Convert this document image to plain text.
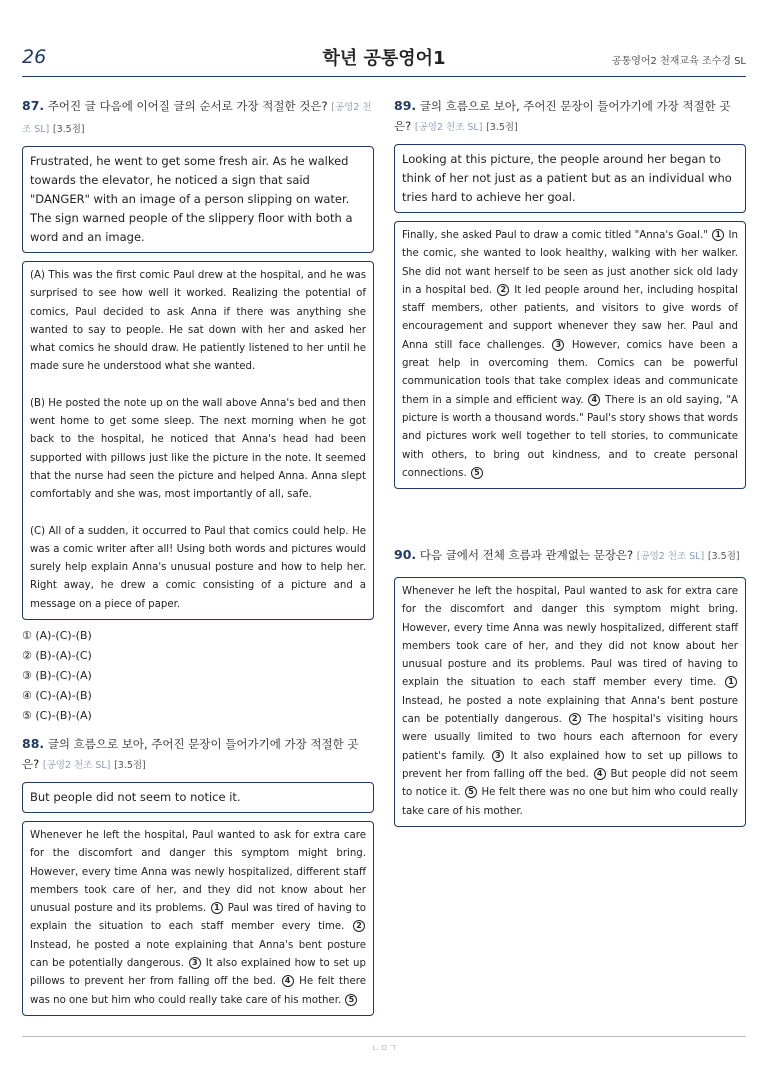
26	학년 공통영어1	공통영어2 천재교육 조수경 SL
87. 주어진 글 다음에 이어질 글의 순서로 가장 적절한 것은? [공영2 천조 SL] [3.5점]
Frustrated, he went to get some fresh air. As he walked towards the elevator, he noticed a sign that said "DANGER" with an image of a person slipping on water. The sign warned people of the slippery floor with both a word and an image.

(A) This was the first comic Paul drew at the hospital, and he was surprised to see how well it worked. Realizing the potential of comics, Paul decided to ask Anna if there was anything she wanted to say to people. He sat down with her and asked her what comics he should draw. He patiently listened to her until he made sure he understood what she wanted.

(B) He posted the note up on the wall above Anna's bed and then went home to get some sleep. The next morning when he got back to the hospital, he noticed that Anna's head had been supported with pillows just like the picture in the note. It seemed that the nurse had seen the picture and helped Anna. Anna slept comfortably and she was, most importantly of all, safe.

(C) All of a sudden, it occurred to Paul that comics could help. He was a comic writer after all! Using both words and pictures would surely help explain Anna's unusual posture and how to help her. Right away, he drew a comic consisting of a picture and a message on a piece of paper.

① (A)-(C)-(B)② (B)-(A)-(C)
③ (B)-(C)-(A)④ (C)-(A)-(B)
⑤ (C)-(B)-(A)
88. 글의 흐름으로 보아, 주어진 문장이 들어가기에 가장 적절한 곳은? [공영2 천조 SL] [3.5점]
But people did not seem to notice it.
Whenever he left the hospital, Paul wanted to ask for extra care for the discomfort and danger this symptom might bring. However, every time Anna was newly hospitalized, different staff members took care of her, and they did not know about her unusual posture and its problems. 1 Paul was tired of having to explain the situation to each staff member every time. 2 Instead, he posted a note explaining that Anna's bent posture can be potentially dangerous. 3 It also explained how to set up pillows to prevent her from falling off the bed. 4 He felt there was no one but him who could really take care of his mother. 5
89. 글의 흐름으로 보아, 주어진 문장이 들어가기에 가장 적절한 곳은? [공영2 천조 SL] [3.5점]
Looking at this picture, the people around her began to think of her not just as a patient but as an individual who tries hard to achieve her goal.
Finally, she asked Paul to draw a comic titled "Anna's Goal." 1 In the comic, she wanted to look healthy, walking with her walker. She did not want herself to be seen as just another sick old lady in a hospital bed. 2 It led people around her, including hospital staff members, other patients, and visitors to give words of encouragement and support whenever they saw her. Paul and Anna still face challenges. 3 However, comics have been a great help in overcoming them. Comics can be powerful communication tools that take complex ideas and communicate them in a simple and efficient way. 4 There is an old saying, "A picture is worth a thousand words." Paul's story shows that words and pictures work well together to tell stories, to communicate with others, to bring out kindness, and to create personal connections. 5
90. 다음 글에서 전체 흐름과 관계없는 문장은? [공영2 천조 SL] [3.5점]
Whenever he left the hospital, Paul wanted to ask for extra care for the discomfort and danger this symptom might bring. However, every time Anna was newly hospitalized, different staff members took care of her, and they did not know about her unusual posture and its problems. Paul was tired of having to explain the situation to each staff member every time. 1 Instead, he posted a note explaining that Anna's bent posture can be potentially dangerous. 2 The hospital's visiting hours were usually limited to two hours each afternoon for every patient's family. 3 It also explained how to set up pillows to prevent her from falling off the bed. 4 But people did not seem to notice it. 5 He felt there was no one but him who could really take care of his mother.
ㄴㅇㄱ
